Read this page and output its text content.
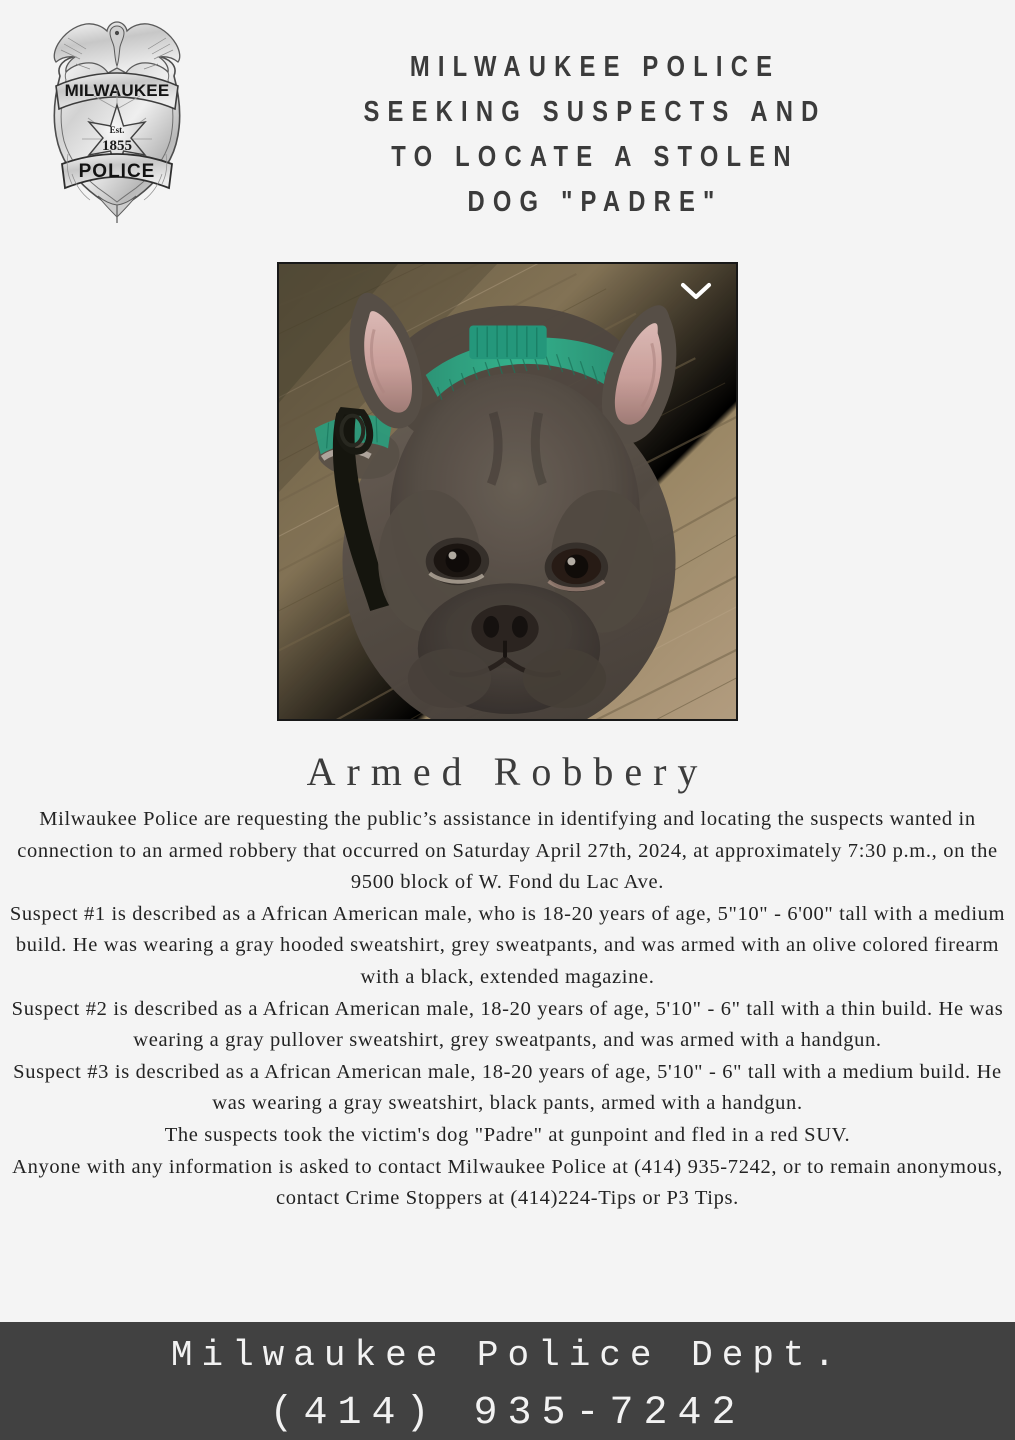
MILWAUKEE
Est.
1855
POLICE
MILWAUKEE POLICE
SEEKING SUSPECTS AND
TO LOCATE A STOLEN
DOG "PADRE"
Armed Robbery

Milwaukee Police are requesting the public’s assistance in identifying and locating the suspects wanted in connection to an armed robbery that occurred on Saturday April 27th, 2024, at approximately 7:30 p.m., on the 9500 block of W. Fond du Lac Ave.

Suspect #1 is described as a African American male, who is 18-20 years of age, 5"10" - 6'00" tall with a medium build. He was wearing a gray hooded sweatshirt, grey sweatpants, and was armed with an olive colored firearm with a black, extended magazine.

Suspect #2 is described as a African American male, 18-20 years of age, 5'10" - 6" tall with a thin build. He was wearing a gray pullover sweatshirt, grey sweatpants, and was armed with a handgun.

Suspect #3 is described as a African American male, 18-20 years of age, 5'10" - 6" tall with a medium build. He was wearing a gray sweatshirt, black pants, armed with a handgun.

The suspects took the victim's dog "Padre" at gunpoint and fled in a red SUV.

Anyone with any information is asked to contact Milwaukee Police at (414) 935-7242, or to remain anonymous, contact Crime Stoppers at (414)224-Tips or P3 Tips.

Milwaukee Police Dept.
(414) 935-7242
